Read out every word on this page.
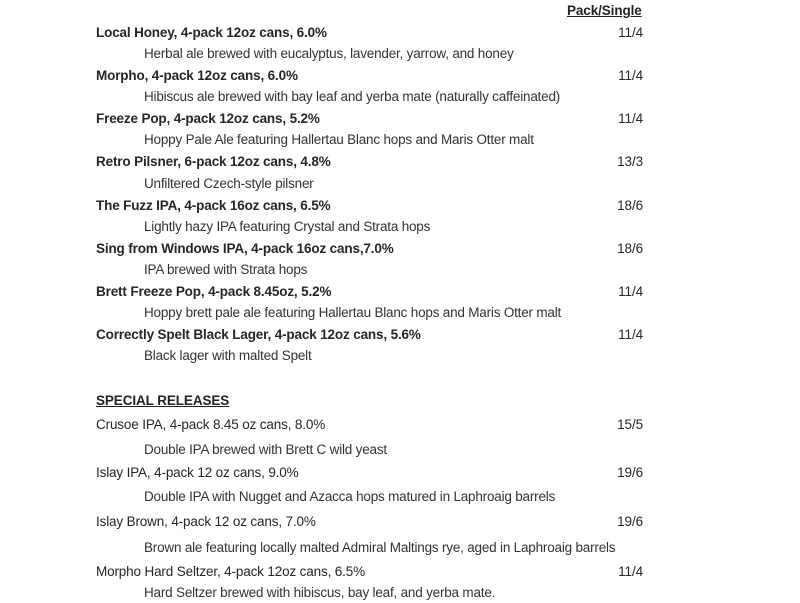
Pack/Single
Local Honey, 4-pack 12oz cans, 6.0%	11/4
Herbal ale brewed with eucalyptus, lavender, yarrow, and honey
Morpho, 4-pack 12oz cans, 6.0%	11/4
Hibiscus ale brewed with bay leaf and yerba mate (naturally caffeinated)
Freeze Pop, 4-pack 12oz cans, 5.2%	11/4
Hoppy Pale Ale featuring Hallertau Blanc hops and Maris Otter malt
Retro Pilsner, 6-pack 12oz cans, 4.8%	13/3
Unfiltered Czech-style pilsner
The Fuzz IPA, 4-pack 16oz cans, 6.5%	18/6
Lightly hazy IPA featuring Crystal and Strata hops
Sing from Windows IPA, 4-pack 16oz cans,7.0%	18/6
IPA brewed with Strata hops
Brett Freeze Pop, 4-pack 8.45oz, 5.2%	11/4
Hoppy brett pale ale featuring Hallertau Blanc hops and Maris Otter malt
Correctly Spelt Black Lager, 4-pack 12oz cans, 5.6%	11/4
Black lager with malted Spelt
SPECIAL RELEASES
Crusoe IPA, 4-pack 8.45 oz cans, 8.0%	15/5
Double IPA brewed with Brett C wild yeast
Islay IPA, 4-pack 12 oz cans, 9.0%	19/6
Double IPA with Nugget and Azacca hops matured in Laphroaig barrels
Islay Brown, 4-pack 12 oz cans, 7.0%	19/6
Brown ale featuring locally malted Admiral Maltings rye, aged in Laphroaig barrels
Morpho Hard Seltzer, 4-pack 12oz cans, 6.5%	11/4
Hard Seltzer brewed with hibiscus, bay leaf, and yerba mate.
